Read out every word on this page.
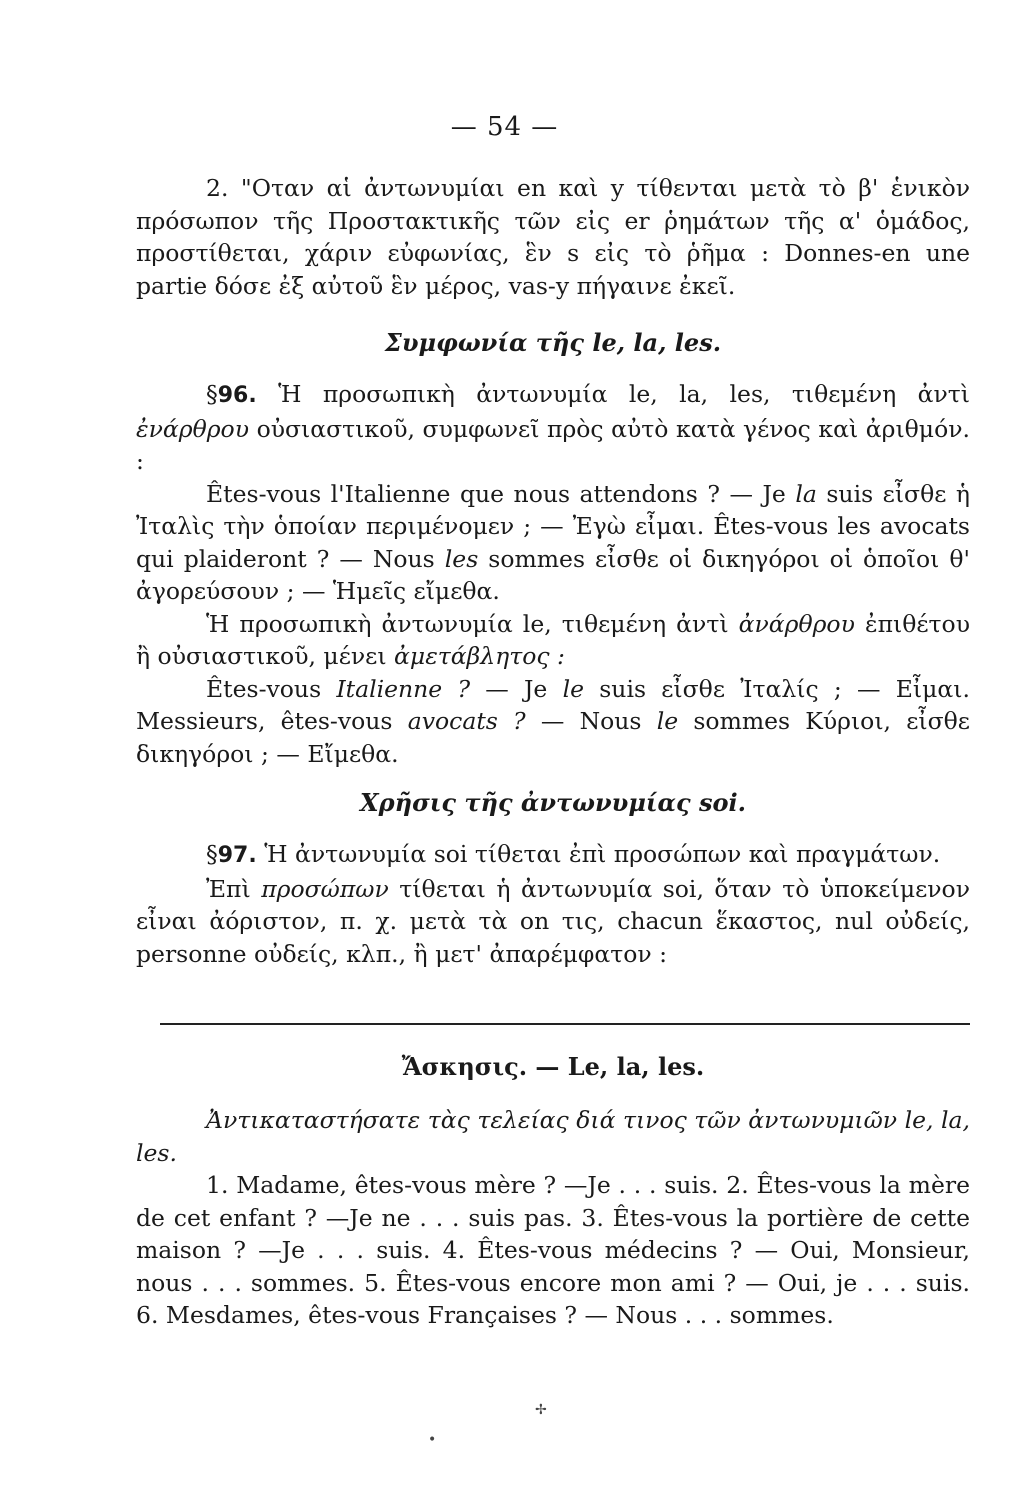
— 54 —

2. "Οταν αἱ ἀντωνυμίαι en καὶ y τίθενται μετὰ τὸ β' ἑνικὸν πρόσωπον τῆς Προστακτικῆς τῶν εἰς er ῥημάτων τῆς α' ὁμάδος, προστίθεται, χάριν εὐφωνίας, ἓν s εἰς τὸ ῥῆμα : Donnes-en une partie δόσε ἐξ αὐτοῦ ἓν μέρος, vas-y πήγαινε ἐκεῖ.

Συμφωνία τῆς le, la, les.

§96. Ἡ προσωπικὴ ἀντωνυμία le, la, les, τιθεμένη ἀντὶ ἐνάρθρου οὐσιαστικοῦ, συμφωνεῖ πρὸς αὐτὸ κατὰ γένος καὶ ἀριθμόν. :

Êtes-vous l'Italienne que nous attendons ? — Je la suis εἶσθε ἡ Ἰταλὶς τὴν ὁποίαν περιμένομεν ; — Ἐγὼ εἶμαι. Êtes-vous les avocats qui plaideront ? — Nous les sommes εἶσθε οἱ δικηγόροι οἱ ὁποῖοι θ' ἀγορεύσουν ; — Ἡμεῖς εἴμεθα.

Ἡ προσωπικὴ ἀντωνυμία le, τιθεμένη ἀντὶ ἀνάρθρου ἐπιθέτου ἢ οὐσιαστικοῦ, μένει ἀμετάβλητος :

Êtes-vous Italienne ? — Je le suis εἶσθε Ἰταλίς ; — Εἶμαι. Messieurs, êtes-vous avocats ? — Nous le sommes Κύριοι, εἶσθε δικηγόροι ; — Εἴμεθα.

Χρῆσις τῆς ἀντωνυμίας soi.

§97. Ἡ ἀντωνυμία soi τίθεται ἐπὶ προσώπων καὶ πραγμάτων.

Ἐπὶ προσώπων τίθεται ἡ ἀντωνυμία soi, ὅταν τὸ ὑποκείμενον εἶναι ἀόριστον, π. χ. μετὰ τὰ on τις, chacun ἕκαστος, nul οὐδείς, personne οὐδείς, κλπ., ἢ μετ' ἀπαρέμφατον :

Ἄσκησις. — Le, la, les.

Ἀντικαταστήσατε τὰς τελείας διά τινος τῶν ἀντωνυμιῶν le, la, les.

1. Madame, êtes-vous mère ? —Je . . . suis. 2. Êtes-vous la mère de cet enfant ? —Je ne . . . suis pas. 3. Êtes-vous la portière de cette maison ? —Je . . . suis. 4. Êtes-vous médecins ? — Oui, Monsieur, nous . . . sommes. 5. Êtes-vous encore mon ami ? — Oui, je . . . suis. 6. Mesdames, êtes-vous Françaises ? — Nous . . . sommes.

✢
•
